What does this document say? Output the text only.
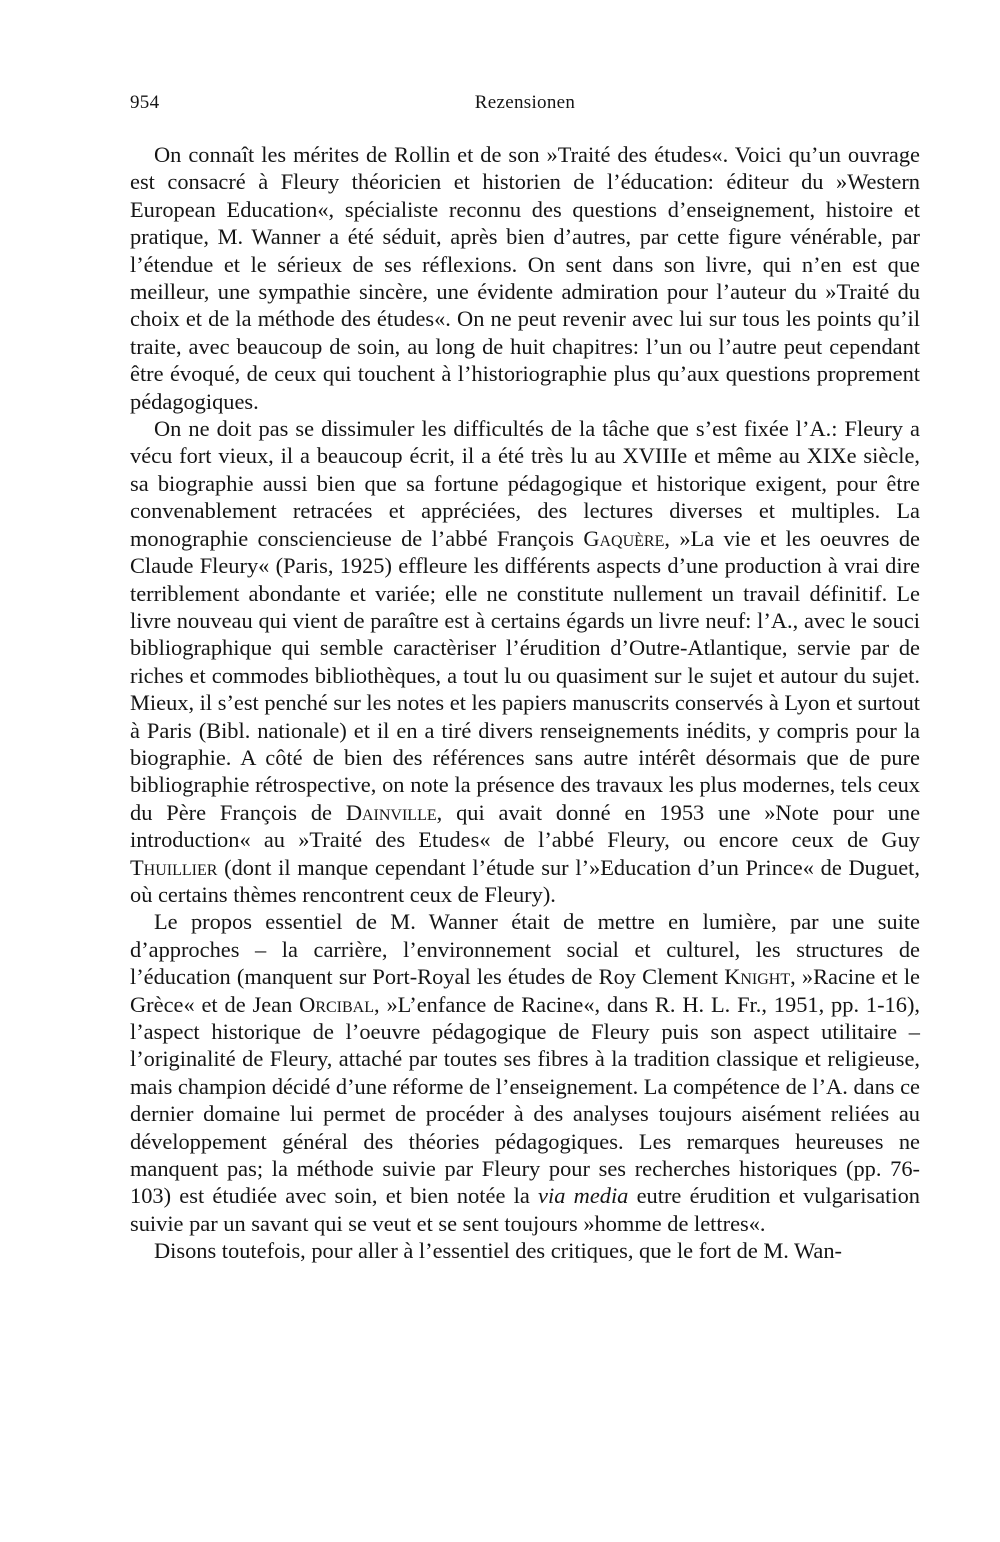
954	Rezensionen

On connaît les mérites de Rollin et de son »Traité des études«. Voici qu’un ouvrage est consacré à Fleury théoricien et historien de l’éducation: éditeur du »Western European Education«, spécialiste reconnu des questions d’enseignement, histoire et pratique, M. Wanner a été séduit, après bien d’autres, par cette figure vénérable, par l’étendue et le sérieux de ses réflexions. On sent dans son livre, qui n’en est que meilleur, une sympathie sincère, une évidente admiration pour l’auteur du »Traité du choix et de la méthode des études«. On ne peut revenir avec lui sur tous les points qu’il traite, avec beaucoup de soin, au long de huit chapitres: l’un ou l’autre peut cependant être évoqué, de ceux qui touchent à l’historiographie plus qu’aux questions proprement pédagogiques.

On ne doit pas se dissimuler les difficultés de la tâche que s’est fixée l’A.: Fleury a vécu fort vieux, il a beaucoup écrit, il a été très lu au XVIIIe et même au XIXe siècle, sa biographie aussi bien que sa fortune pédagogique et historique exigent, pour être convenablement retracées et appréciées, des lectures diverses et multiples. La monographie consciencieuse de l’abbé François Gaquère, »La vie et les oeuvres de Claude Fleury« (Paris, 1925) effleure les différents aspects d’une production à vrai dire terriblement abondante et variée; elle ne constitute nullement un travail définitif. Le livre nouveau qui vient de paraître est à certains égards un livre neuf: l’A., avec le souci bibliographique qui semble caractèriser l’érudition d’Outre-Atlantique, servie par de riches et commodes bibliothèques, a tout lu ou quasiment sur le sujet et autour du sujet. Mieux, il s’est penché sur les notes et les papiers manuscrits conservés à Lyon et surtout à Paris (Bibl. nationale) et il en a tiré divers renseignements inédits, y compris pour la biographie. A côté de bien des références sans autre intérêt désormais que de pure bibliographie rétrospective, on note la présence des travaux les plus modernes, tels ceux du Père François de Dainville, qui avait donné en 1953 une »Note pour une introduction« au »Traité des Etudes« de l’abbé Fleury, ou encore ceux de Guy Thuillier (dont il manque cependant l’étude sur l’»Education d’un Prince« de Duguet, où certains thèmes rencontrent ceux de Fleury).

Le propos essentiel de M. Wanner était de mettre en lumière, par une suite d’approches – la carrière, l’environnement social et culturel, les structures de l’éducation (manquent sur Port-Royal les études de Roy Clement Knight, »Racine et le Grèce« et de Jean Orcibal, »L’enfance de Racine«, dans R. H. L. Fr., 1951, pp. 1-16), l’aspect historique de l’oeuvre pédagogique de Fleury puis son aspect utilitaire – l’originalité de Fleury, attaché par toutes ses fibres à la tradition classique et religieuse, mais champion décidé d’une réforme de l’enseignement. La compétence de l’A. dans ce dernier domaine lui permet de procéder à des analyses toujours aisément reliées au développement général des théories pédagogiques. Les remarques heureuses ne manquent pas; la méthode suivie par Fleury pour ses recherches historiques (pp. 76-103) est étudiée avec soin, et bien notée la via media eutre érudition et vulgarisation suivie par un savant qui se veut et se sent toujours »homme de lettres«.

Disons toutefois, pour aller à l’essentiel des critiques, que le fort de M. Wan-
